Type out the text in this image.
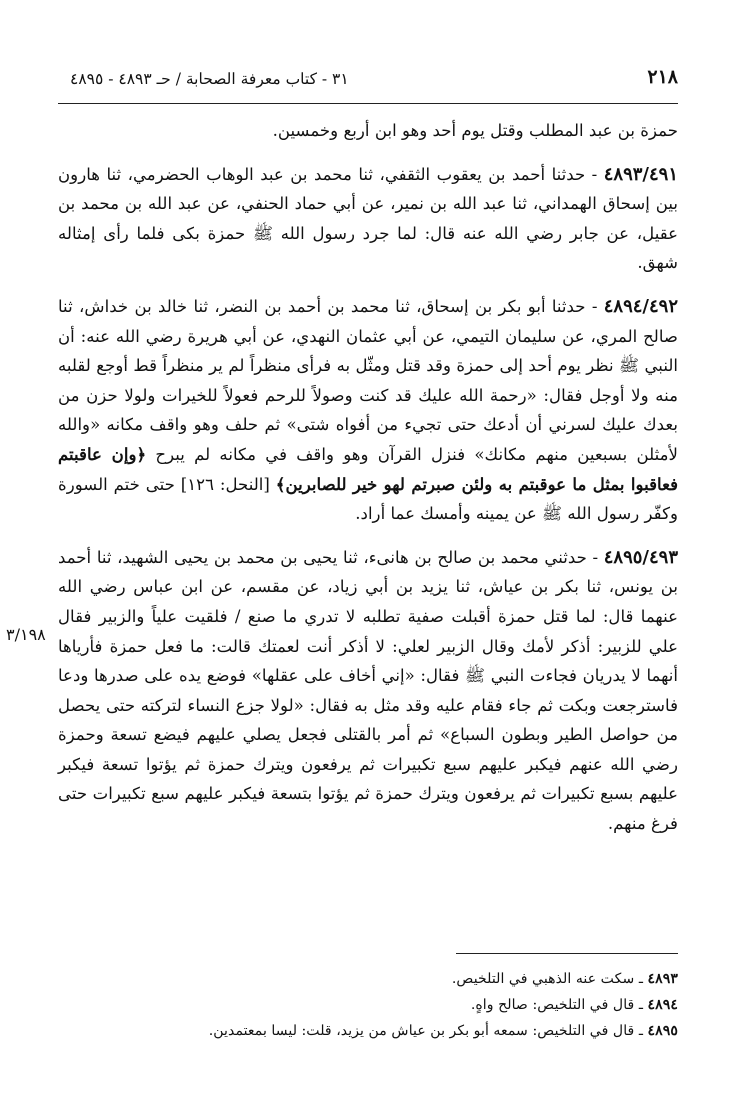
٢١٨
٣١ - كتاب معرفة الصحابة / حـ ٤٨٩٣ - ٤٨٩٥

حمزة بن عبد المطلب وقتل يوم أحد وهو ابن أربع وخمسين.

٤٨٩٣/٤٩١ - حدثنا أحمد بن يعقوب الثقفي، ثنا محمد بن عبد الوهاب الحضرمي، ثنا هارون بين إسحاق الهمداني، ثنا عبد الله بن نمير، عن أبي حماد الحنفي، عن عبد الله بن محمد بن عقيل، عن جابر رضي الله عنه قال: لما جرد رسول الله ﷺ حمزة بكى فلما رأى إمثاله شهق.

٤٨٩٤/٤٩٢ - حدثنا أبو بكر بن إسحاق، ثنا محمد بن أحمد بن النضر، ثنا خالد بن خداش، ثنا صالح المري، عن سليمان التيمي، عن أبي عثمان النهدي، عن أبي هريرة رضي الله عنه: أن النبي ﷺ نظر يوم أحد إلى حمزة وقد قتل ومثّل به فرأى منظراً لم ير منظراً قط أوجع لقلبه منه ولا أوجل فقال: «رحمة الله عليك قد كنت وصولاً للرحم فعولاً للخيرات ولولا حزن من بعدك عليك لسرني أن أدعك حتى تجيء من أفواه شتى» ثم حلف وهو واقف مكانه «والله لأمثلن بسبعين منهم مكانك» فنزل القرآن وهو واقف في مكانه لم يبرح ﴿وإن عاقبتم فعاقبوا بمثل ما عوقبتم به ولئن صبرتم لهو خير للصابرين﴾ [النحل: ١٢٦] حتى ختم السورة وكفّر رسول الله ﷺ عن يمينه وأمسك عما أراد.

٤٨٩٥/٤٩٣ - حدثني محمد بن صالح بن هانىء، ثنا يحيى بن محمد بن يحيى الشهيد، ثنا أحمد بن يونس، ثنا بكر بن عياش، ثنا يزيد بن أبي زياد، عن مقسم، عن ابن عباس رضي الله عنهما قال: لما قتل حمزة أقبلت صفية تطلبه لا تدري ما صنع / فلقيت علياً والزبير فقال علي للزبير: أذكر لأمك وقال الزبير لعلي: لا أذكر أنت لعمتك قالت: ما فعل حمزة فأرياها أنهما لا يدريان فجاءت النبي ﷺ فقال: «إني أخاف على عقلها» فوضع يده على صدرها ودعا فاسترجعت وبكت ثم جاء فقام عليه وقد مثل به فقال: «لولا جزع النساء لتركته حتى يحصل من حواصل الطير وبطون السباع» ثم أمر بالقتلى فجعل يصلي عليهم فيضع تسعة وحمزة رضي الله عنهم فيكبر عليهم سبع تكبيرات ثم يرفعون ويترك حمزة ثم يؤتوا تسعة فيكبر عليهم بسبع تكبيرات ثم يرفعون ويترك حمزة ثم يؤتوا بتسعة فيكبر عليهم سبع تكبيرات حتى فرغ منهم.

٣/١٩٨
٤٨٩٣ ـ سكت عنه الذهبي في التلخيص.
٤٨٩٤ ـ قال في التلخيص: صالح واهٍ.
٤٨٩٥ ـ قال في التلخيص: سمعه أبو بكر بن عياش من يزيد، قلت: ليسا بمعتمدين.
